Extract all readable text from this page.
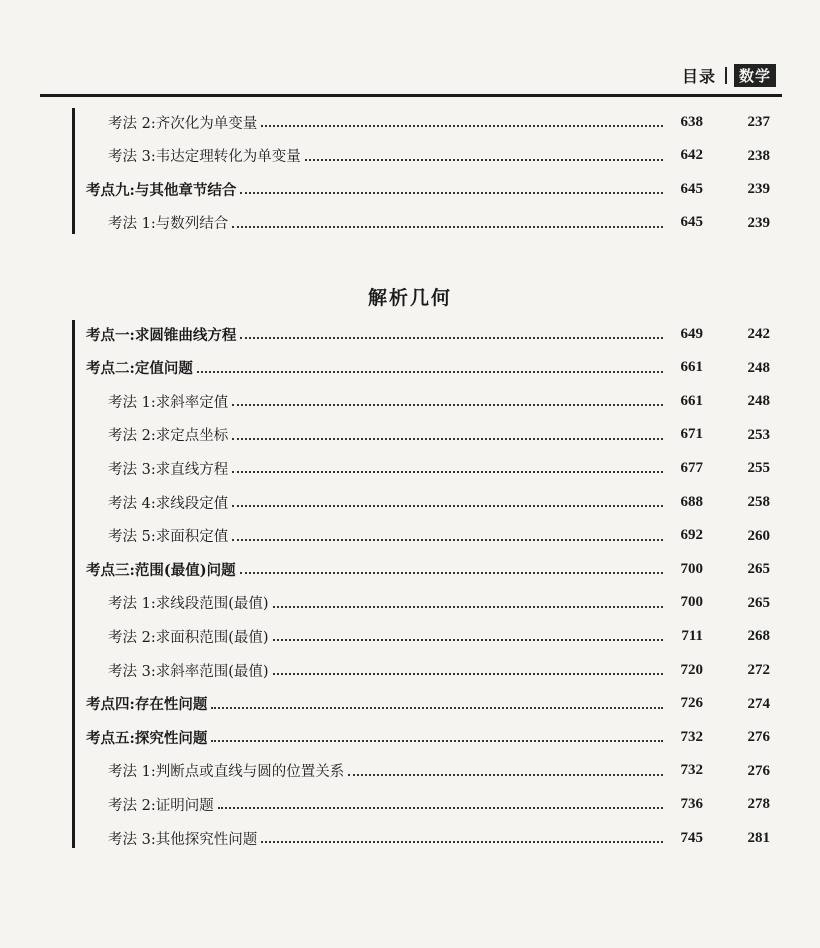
目录	数学
考法 2:齐次化为单变量	638	237
考法 3:韦达定理转化为单变量	642	238
考点九:与其他章节结合	645	239
考法 1:与数列结合	645	239
解析几何
考点一:求圆锥曲线方程	649	242
考点二:定值问题	661	248
考法 1:求斜率定值	661	248
考法 2:求定点坐标	671	253
考法 3:求直线方程	677	255
考法 4:求线段定值	688	258
考法 5:求面积定值	692	260
考点三:范围(最值)问题	700	265
考法 1:求线段范围(最值)	700	265
考法 2:求面积范围(最值)	711	268
考法 3:求斜率范围(最值)	720	272
考点四:存在性问题	726	274
考点五:探究性问题	732	276
考法 1:判断点或直线与圆的位置关系	732	276
考法 2:证明问题	736	278
考法 3:其他探究性问题	745	281
